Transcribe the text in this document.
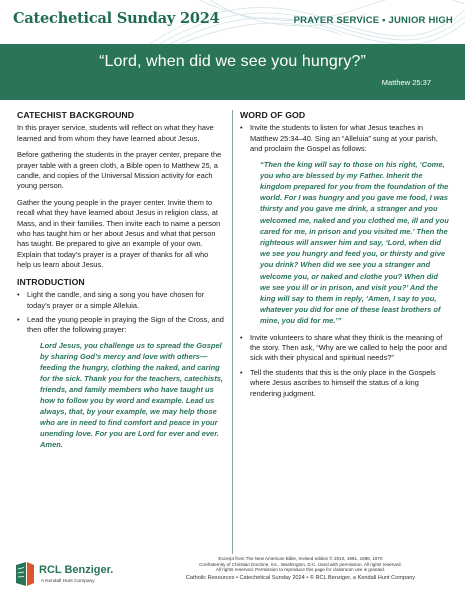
Catechetical Sunday 2024	PRAYER SERVICE • JUNIOR HIGH
“Lord, when did we see you hungry?”
Matthew 25:37
CATECHIST BACKGROUND

In this prayer service, students will reflect on what they have learned and from whom they have learned about Jesus.

Before gathering the students in the prayer center, prepare the prayer table with a green cloth, a Bible open to Matthew 25, a candle, and copies of the Universal Mission activity for each young person.

Gather the young people in the prayer center. Invite them to recall what they have learned about Jesus in religion class, at Mass, and in their families. Then invite each to name a person who has taught him or her about Jesus and what that person has taught. Be prepared to give an example of your own. Explain that today’s prayer is a prayer of thanks for all who help us learn about Jesus.

INTRODUCTION
• Light the candle, and sing a song you have chosen for today’s prayer or a simple Alleluia.
• Lead the young people in praying the Sign of the Cross, and then offer the following prayer:
Lord Jesus, you challenge us to spread the Gospel by sharing God’s mercy and love with others—feeding the hungry, clothing the naked, and caring for the sick. Thank you for the teachers, catechists, friends, and family members who have taught us how to follow you by word and example. Lead us always, that, by your example, we may help those who are in need to find comfort and peace in your unending love. For you are Lord for ever and ever. Amen.
WORD OF GOD
• Invite the students to listen for what Jesus teaches in Matthew 25:34–40. Sing an “Alleluia” sung at your parish, and proclaim the Gospel as follows:
“Then the king will say to those on his right, ‘Come, you who are blessed by my Father. Inherit the kingdom prepared for you from the foundation of the world. For I was hungry and you gave me food, I was thirsty and you gave me drink, a stranger and you welcomed me, naked and you clothed me, ill and you cared for me, in prison and you visited me.’ Then the righteous will answer him and say, ‘Lord, when did we see you hungry and feed you, or thirsty and give you drink? When did we see you a stranger and welcome you, or naked and clothe you? When did we see you ill or in prison, and visit you?’ And the king will say to them in reply, ‘Amen, I say to you, whatever you did for one of these least brothers of mine, you did for me.’”
• Invite volunteers to share what they think is the meaning of the story. Then ask, “Why are we called to help the poor and sick with their physical and spiritual needs?”
• Tell the students that this is the only place in the Gospels where Jesus ascribes to himself the status of a king rendering judgment.
RCL Benziger.
A Kendall Hunt Company
Excerpt from The New American Bible, revised edition © 2010, 1991, 1986, 1970
Confraternity of Christian Doctrine, Inc., Washington, D.C. Used with permission. All rights reserved.
All rights reserved. Permission to reproduce this page for classroom use is granted.
Catholic Resources • Catechetical Sunday 2024 • © RCL Benziger, a Kendall Hunt Company
